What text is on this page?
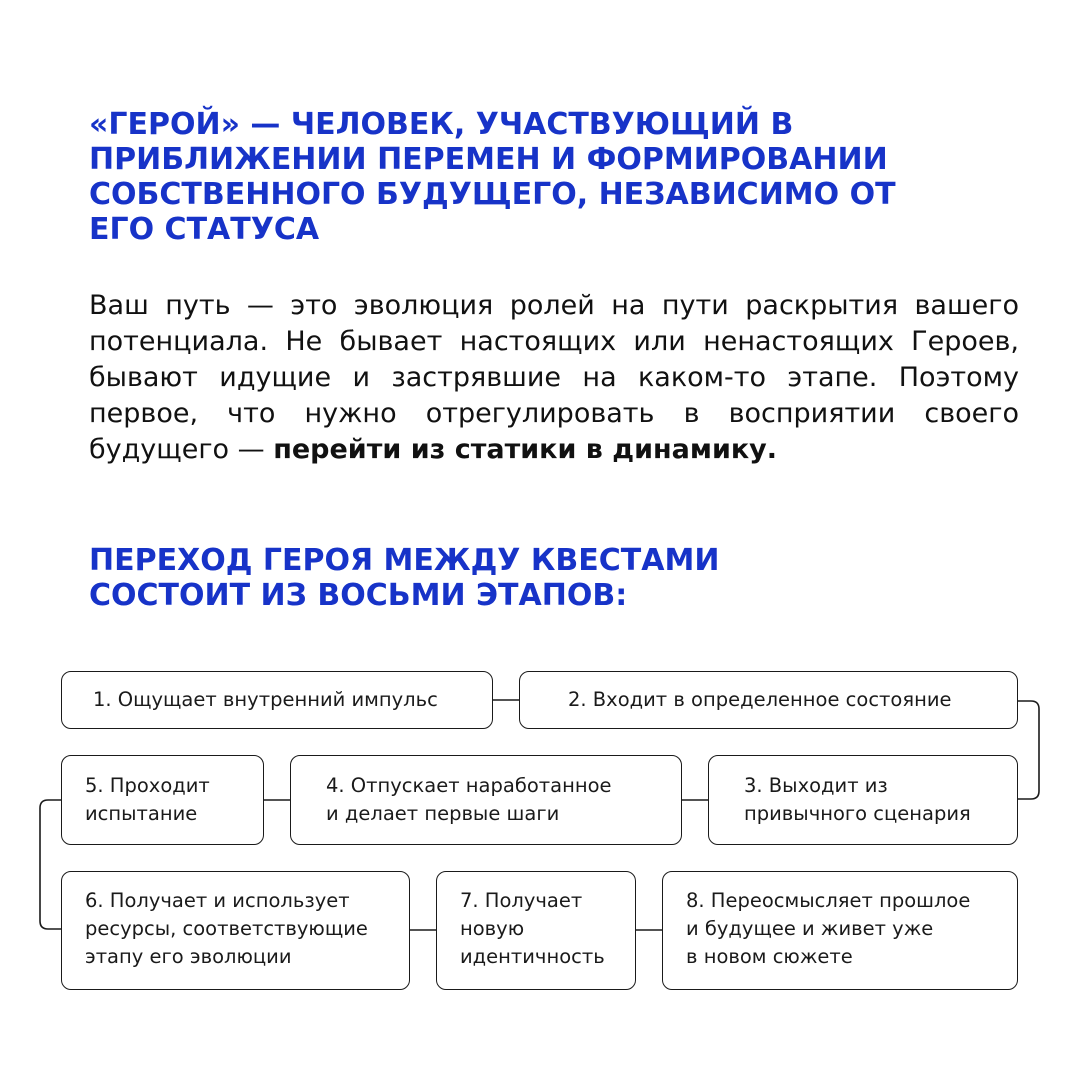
«ГЕРОЙ» — ЧЕЛОВЕК, УЧАСТВУЮЩИЙ В
ПРИБЛИЖЕНИИ ПЕРЕМЕН И ФОРМИРОВАНИИ
СОБСТВЕННОГО БУДУЩЕГО, НЕЗАВИСИМО ОТ
ЕГО СТАТУСА

Ваш путь — это эволюция ролей на пути раскрытия вашего
потенциала. Не бывает настоящих или ненастоящих Героев,
бывают идущие и застрявшие на каком-то этапе. Поэтому
первое, что нужно отрегулировать в восприятии своего
будущего — перейти из статики в динамику.

ПЕРЕХОД ГЕРОЯ МЕЖДУ КВЕСТАМИ
СОСТОИТ ИЗ ВОСЬМИ ЭТАПОВ:
1. Ощущает внутренний импульс	2. Входит в определенное состояние
3. Выходит из
привычного сценария
4. Отпускает наработанное
и делает первые шаги
5. Проходит
испытание
6. Получает и использует
ресурсы, соответствующие
этапу его эволюции
7. Получает
новую
идентичность
8. Переосмысляет прошлое
и будущее и живет уже
в новом сюжете
